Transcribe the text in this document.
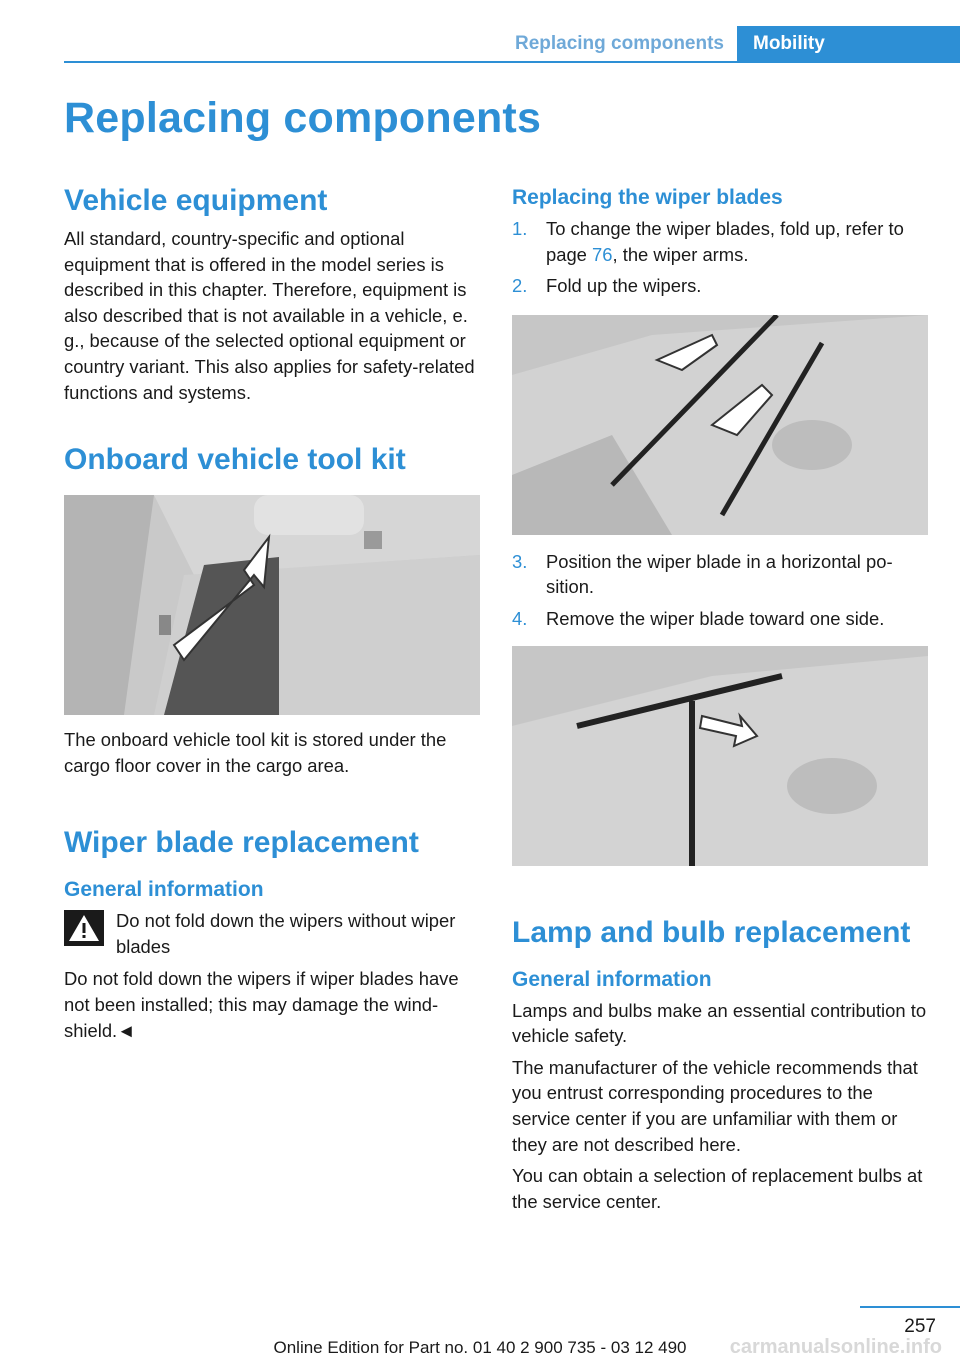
Replacing components	Mobility
Replacing components
Vehicle equipment

All standard, country-specific and optional equipment that is offered in the model series is described in this chapter. Therefore, equipment is also described that is not available in a vehicle, e. g., because of the selected optional equipment or country variant. This also applies for safety-related functions and systems.

Onboard vehicle tool kit

The onboard vehicle tool kit is stored under the cargo floor cover in the cargo area.

Wiper blade replacement
General information

Do not fold down the wipers without wiper blades

Do not fold down the wipers if wiper blades have not been installed; this may damage the windshield.◄

Replacing the wiper blades
1. To change the wiper blades, fold up, refer to page 76, the wiper arms.
2. Fold up the wipers.
3. Position the wiper blade in a horizontal position.
4. Remove the wiper blade toward one side.
Lamp and bulb replacement
General information

Lamps and bulbs make an essential contribution to vehicle safety.

The manufacturer of the vehicle recommends that you entrust corresponding procedures to the service center if you are unfamiliar with them or they are not described here.

You can obtain a selection of replacement bulbs at the service center.

257
Online Edition for Part no. 01 40 2 900 735 - 03 12 490	carmanualsonline.info
